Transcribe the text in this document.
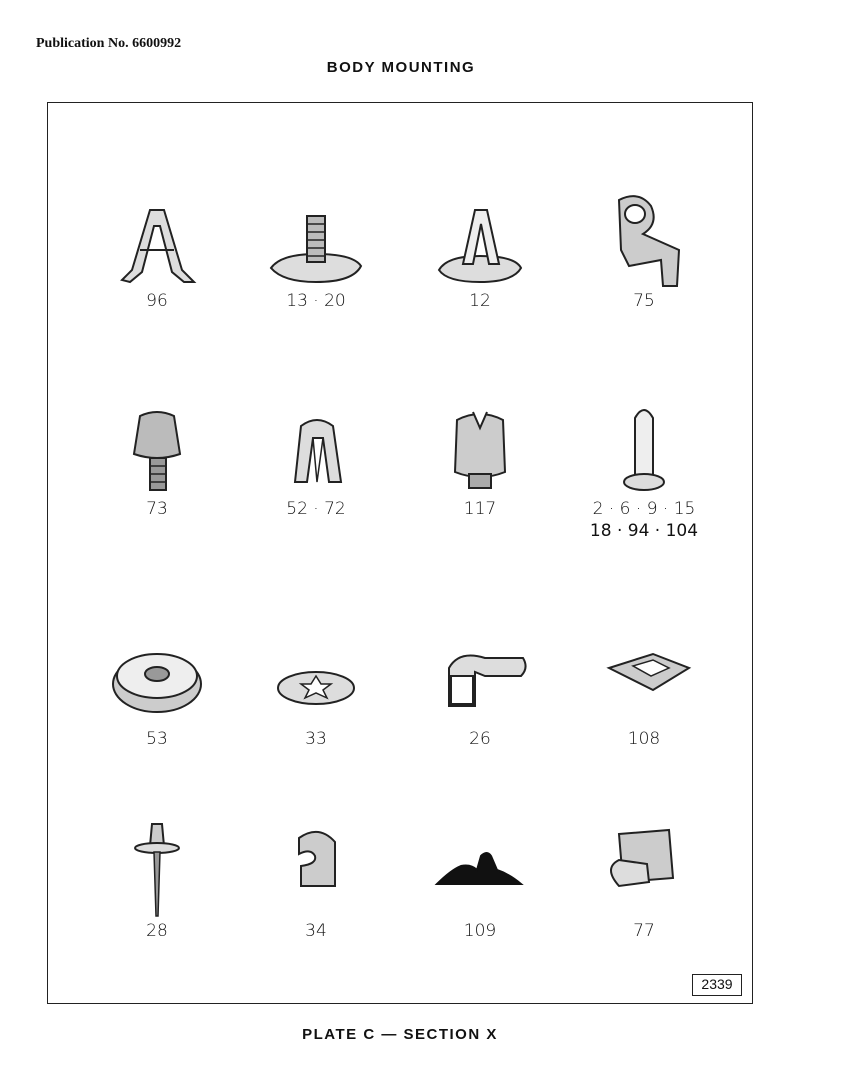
Publication No. 6600992
BODY MOUNTING
96	13 · 20	12	75
73	52 · 72	117	2 · 6 · 9 · 15
18 · 94 · 104
53	33	26	108
28	34	109	77
2339
PLATE C — SECTION X
